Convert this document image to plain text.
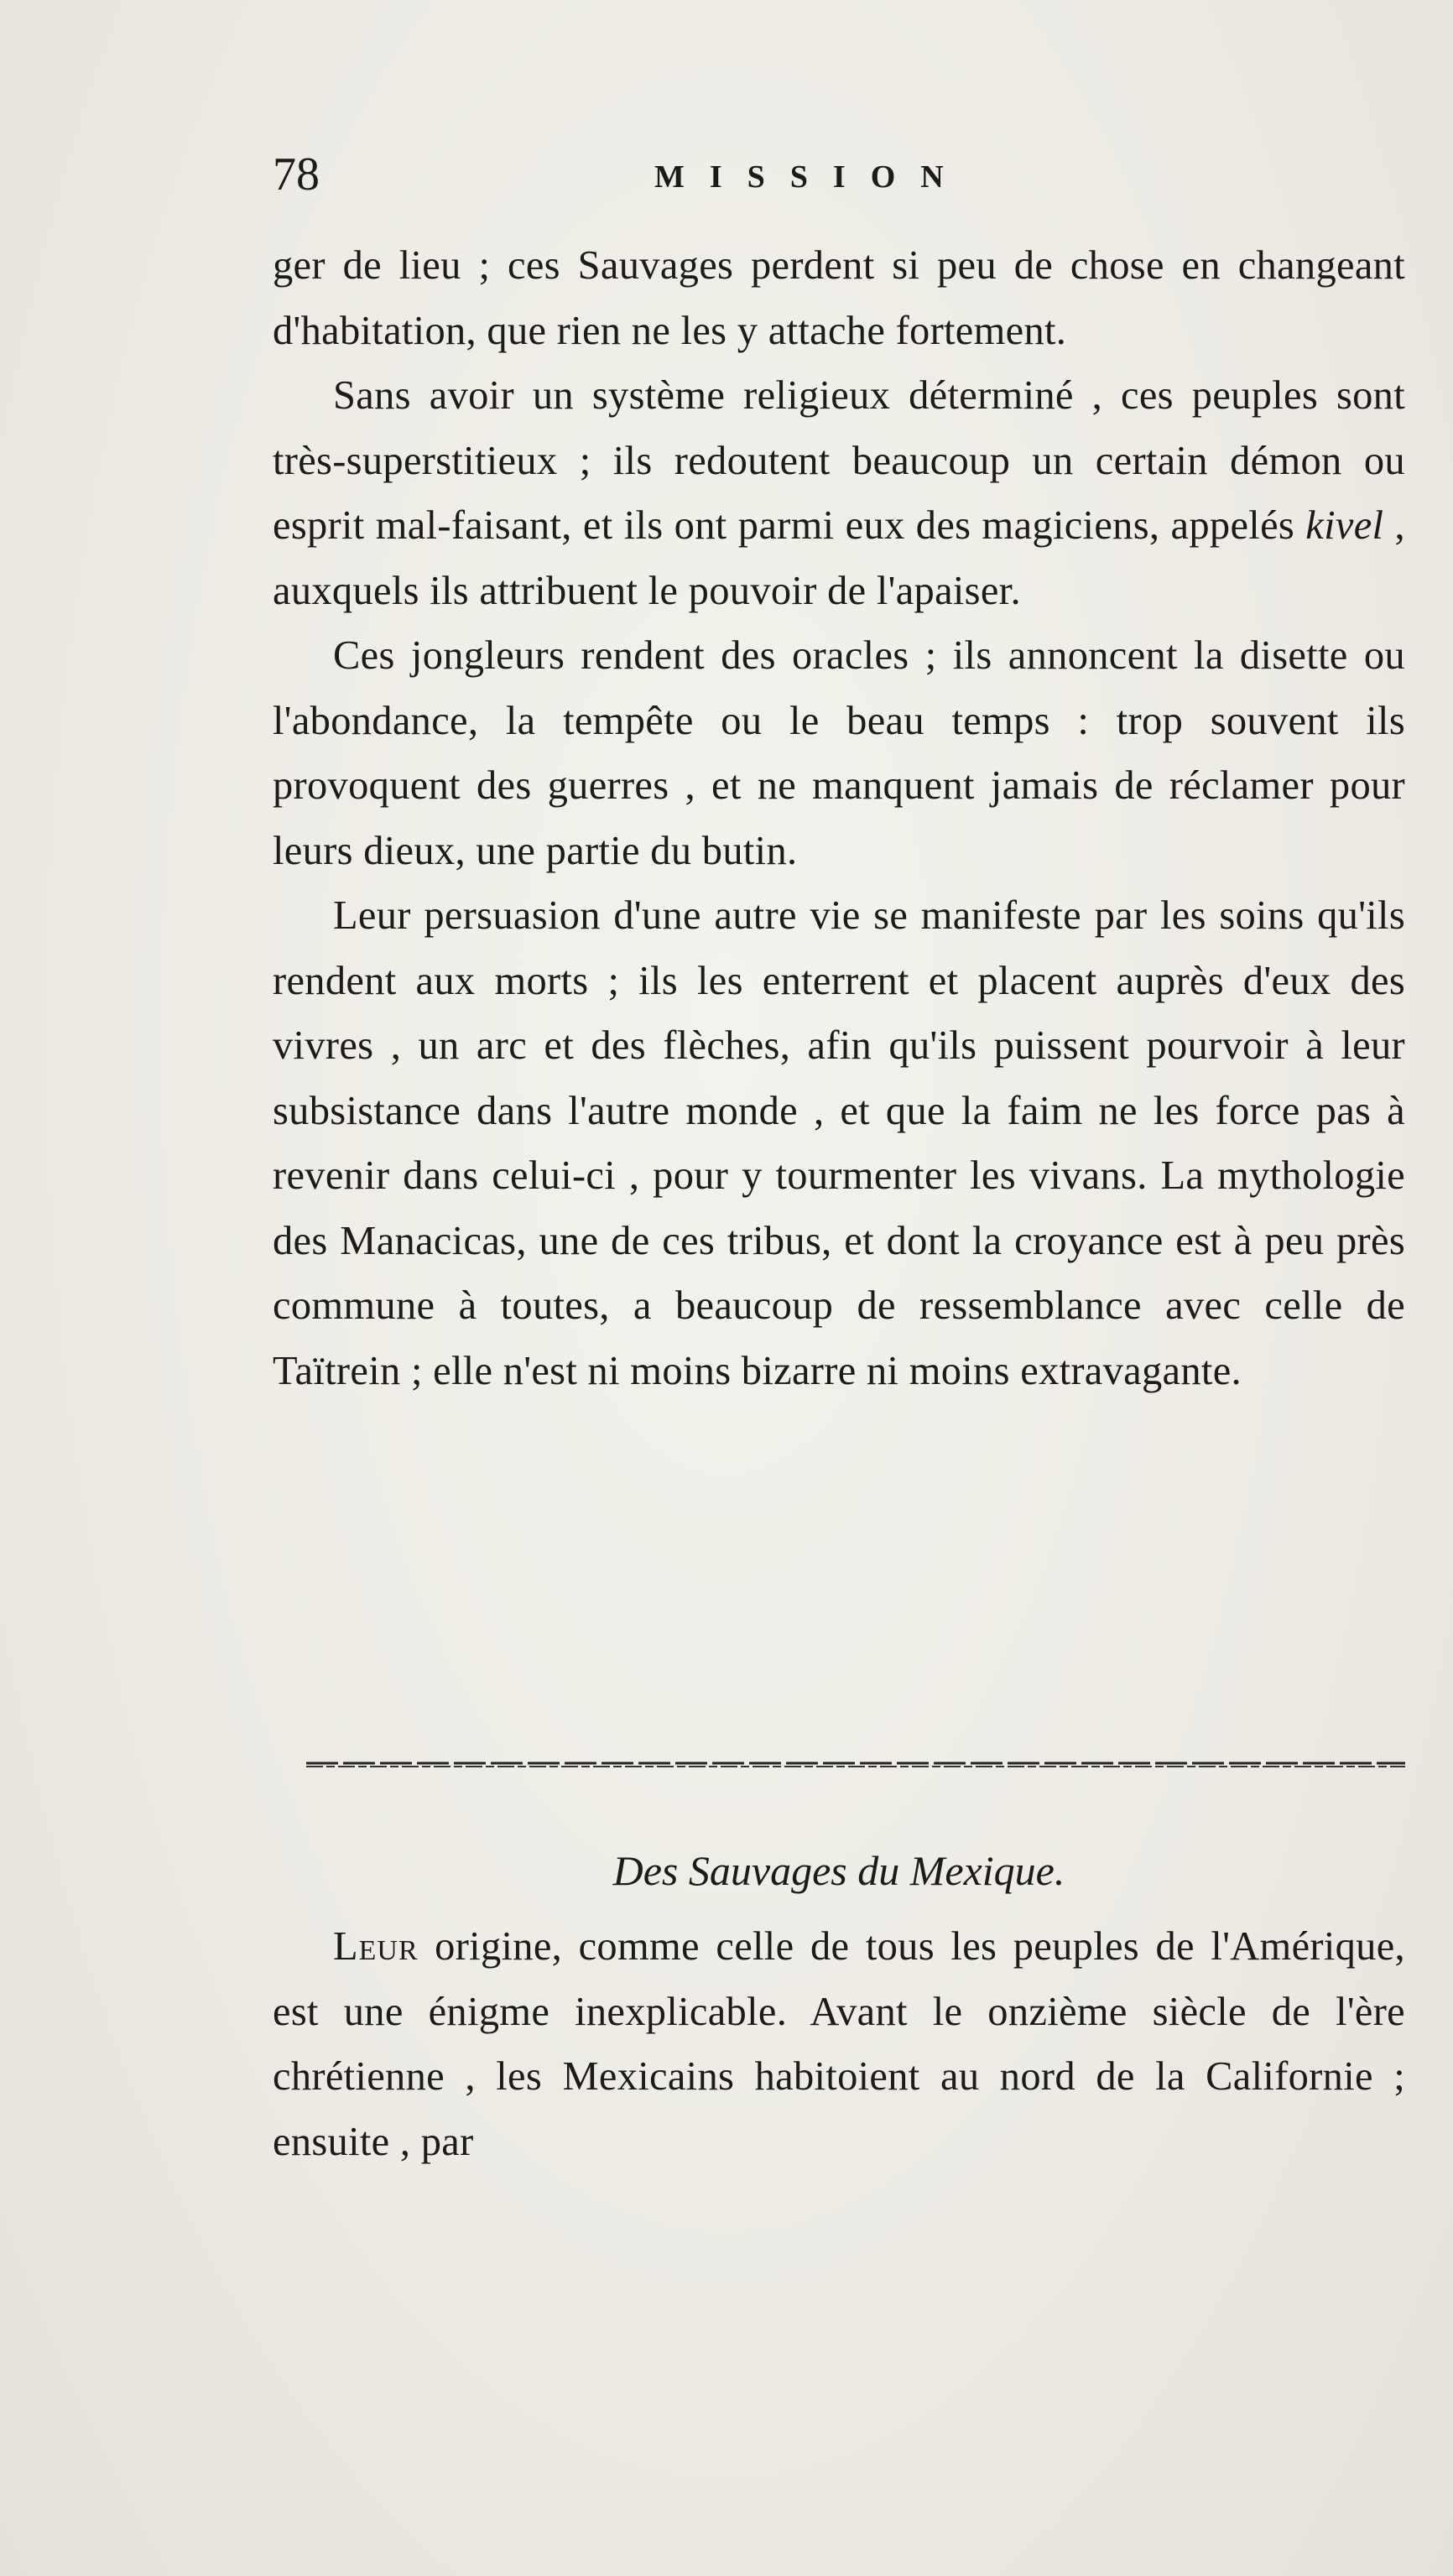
78	MISSION

ger de lieu ; ces Sauvages perdent si peu de chose en changeant d'habitation, que rien ne les y attache fortement.

Sans avoir un système religieux déterminé , ces peuples sont très-superstitieux ; ils redoutent beaucoup un certain démon ou esprit mal-faisant, et ils ont parmi eux des magiciens, appelés kivel , auxquels ils attribuent le pouvoir de l'apaiser.

Ces jongleurs rendent des oracles ; ils annoncent la disette ou l'abondance, la tempête ou le beau temps : trop souvent ils provoquent des guerres , et ne manquent jamais de réclamer pour leurs dieux, une partie du butin.

Leur persuasion d'une autre vie se manifeste par les soins qu'ils rendent aux morts ; ils les enterrent et placent auprès d'eux des vivres , un arc et des flèches, afin qu'ils puissent pourvoir à leur subsistance dans l'autre monde , et que la faim ne les force pas à revenir dans celui-ci , pour y tourmenter les vivans. La mythologie des Manacicas, une de ces tribus, et dont la croyance est à peu près commune à toutes, a beaucoup de ressemblance avec celle de Taïtrein ; elle n'est ni moins bizarre ni moins extravagante.

Des Sauvages du Mexique.

Leur origine, comme celle de tous les peuples de l'Amérique, est une énigme inexplicable. Avant le onzième siècle de l'ère chrétienne , les Mexicains habitoient au nord de la Californie ; ensuite , par
